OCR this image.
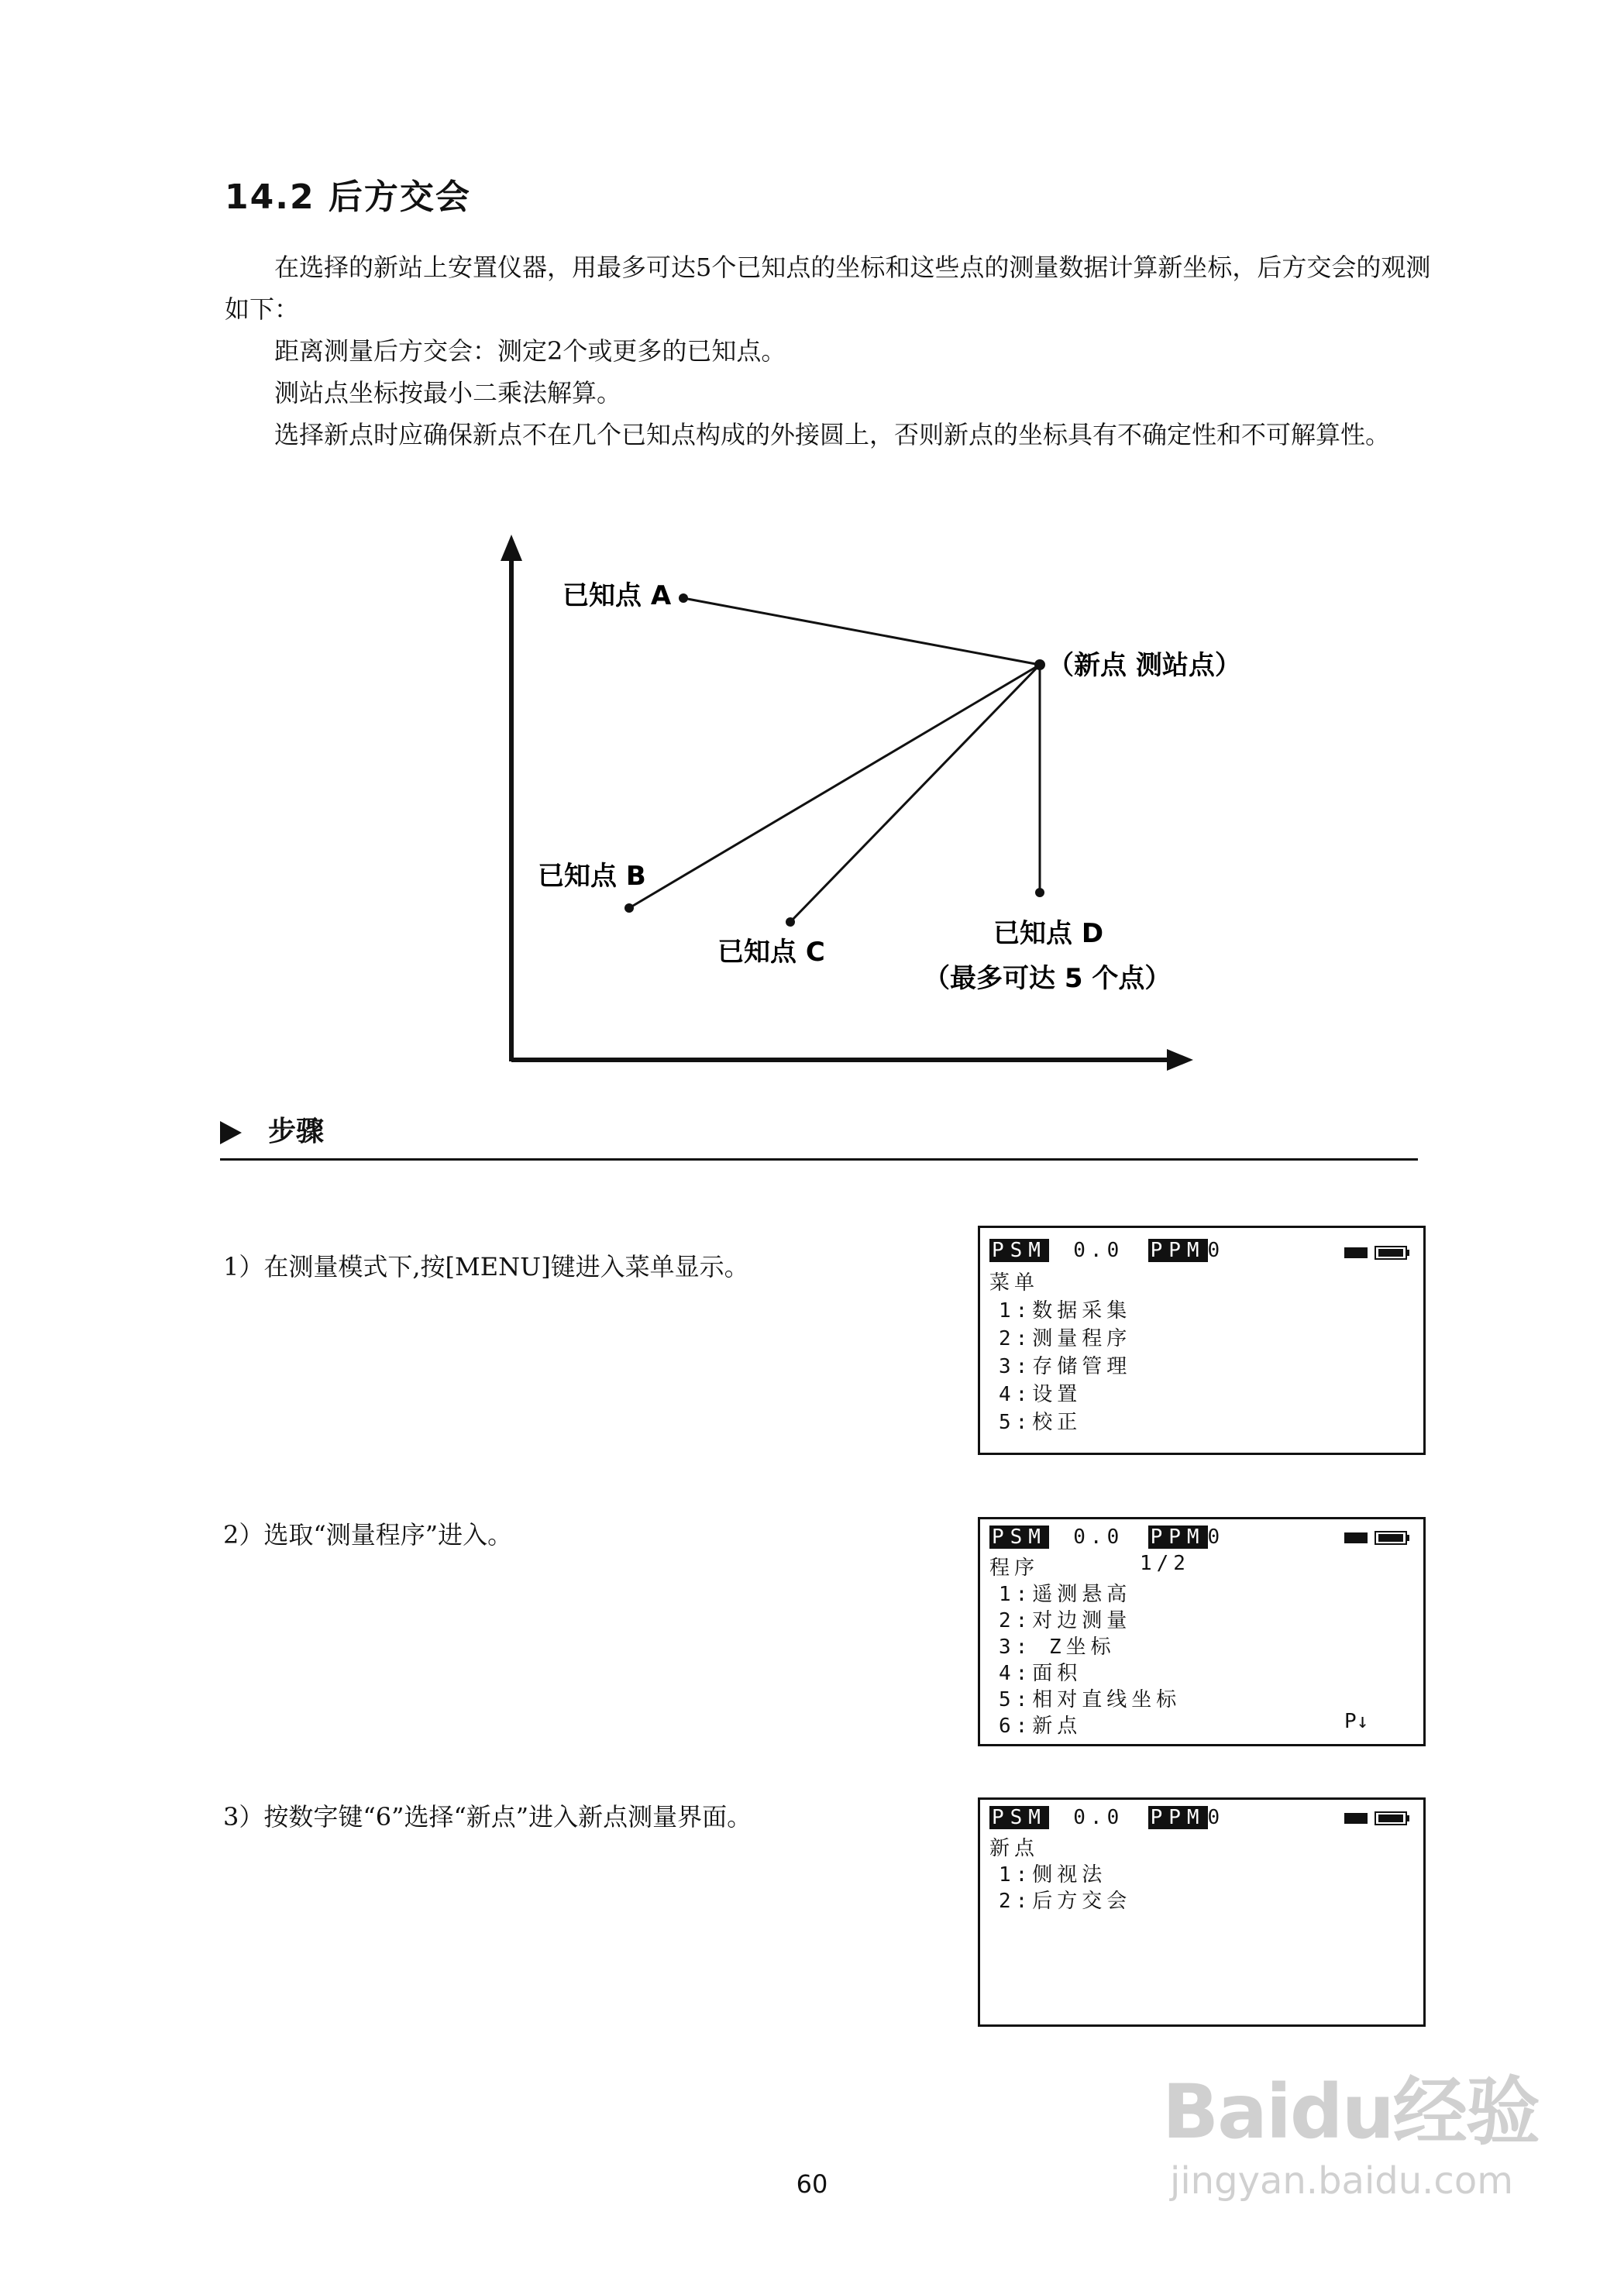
14.2 后方交会

在选择的新站上安置仪器，用最多可达5个已知点的坐标和这些点的测量数据计算新坐标，后方交会的观测如下：

距离测量后方交会：测定2个或更多的已知点。

测站点坐标按最小二乘法解算。

选择新点时应确保新点不在几个已知点构成的外接圆上，否则新点的坐标具有不确定性和不可解算性。

已知点 A
（新点 测站点）
已知点 B
已知点 C
已知点 D
（最多可达 5 个点）
步骤
1）在测量模式下,按[MENU]键进入菜单显示。
PSM 0.0 PPM 0
菜单
1:数据采集
2:测量程序
3:存储管理
4:设置
5:校正
2）选取“测量程序”进入。	PSM 0.0 PPM 0
程序	1/2
1:遥测悬高
2:对边测量
3: Z坐标
4:面积
5:相对直线坐标
6:新点	P↓
3）按数字键“6”选择“新点”进入新点测量界面。	PSM 0.0 PPM 0
新点
1:侧视法
2:后方交会
60
Baidu经验
jingyan.baidu.com
